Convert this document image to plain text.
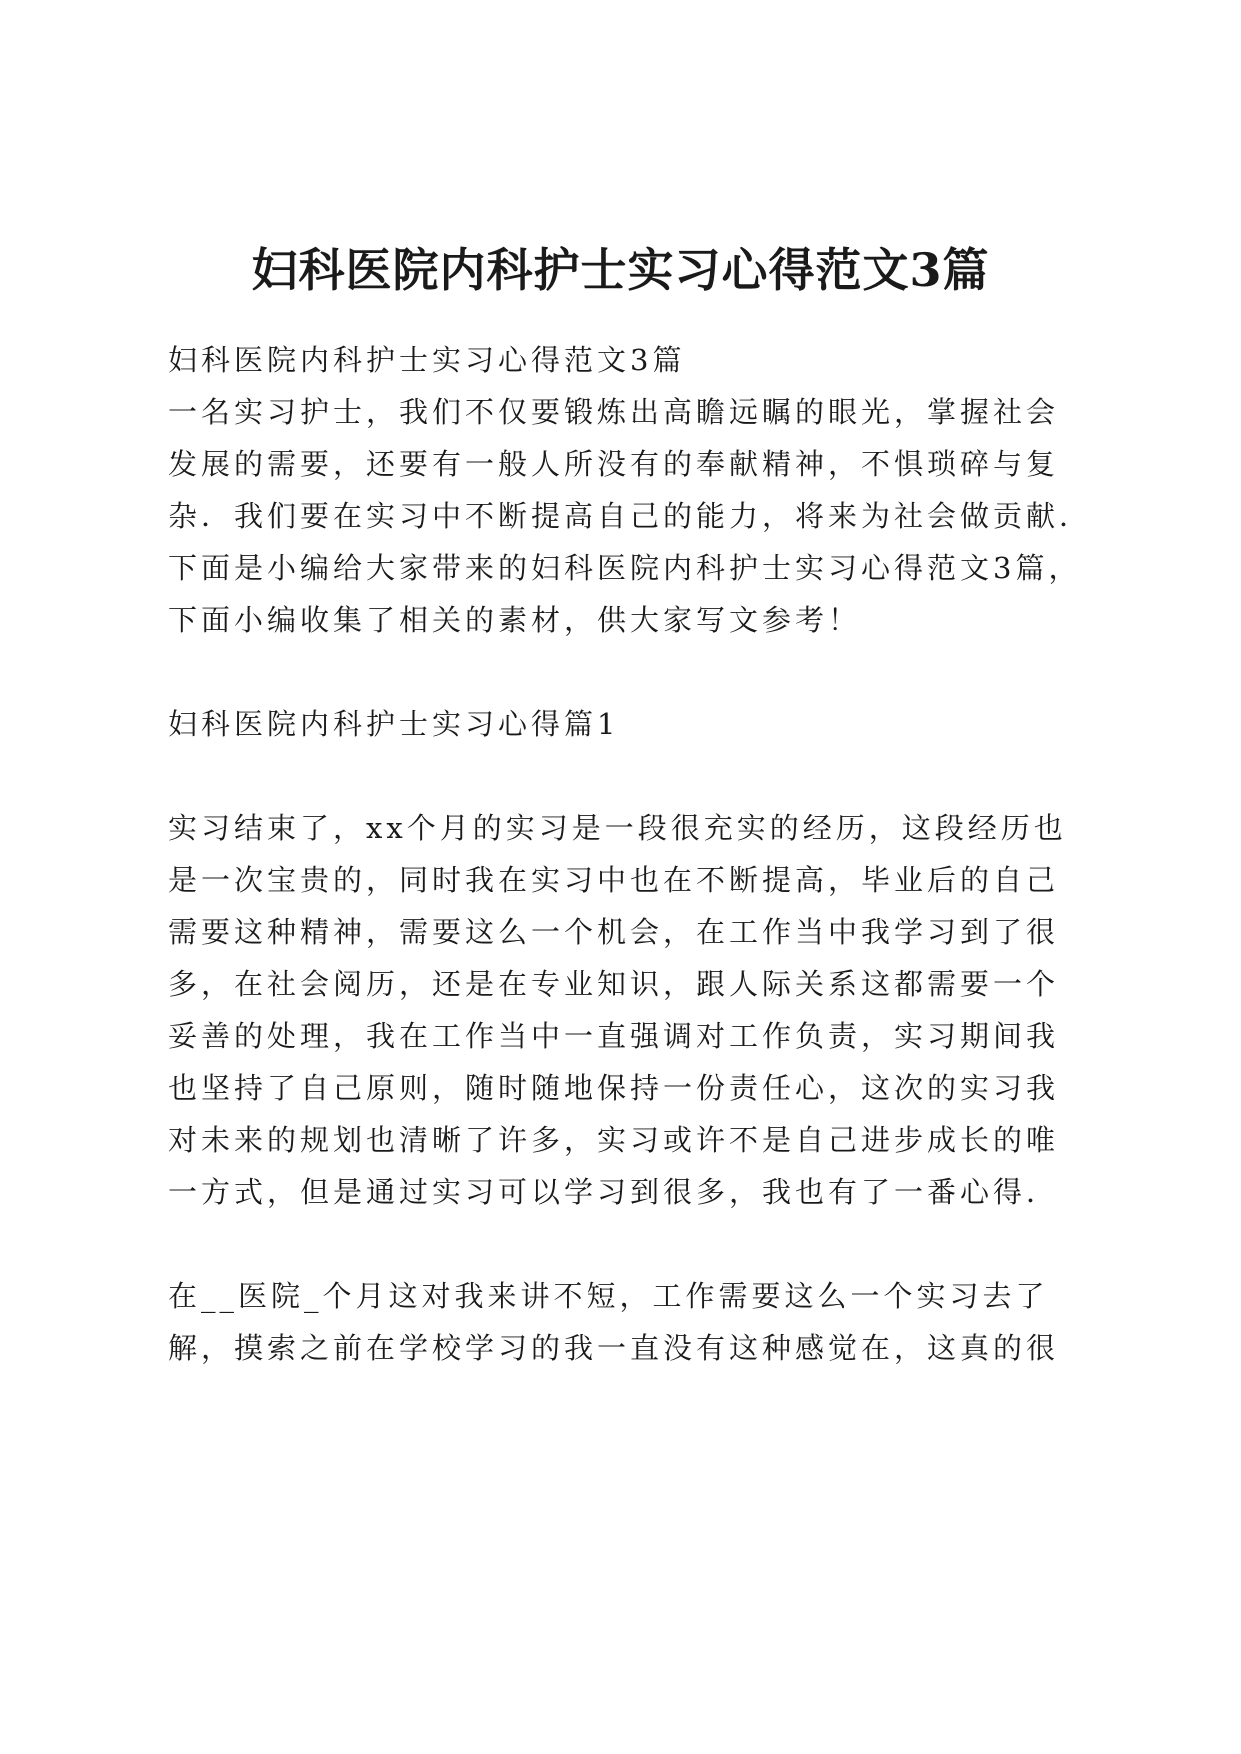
妇科医院内科护士实习心得范文3篇
妇科医院内科护士实习心得范文3篇
一名实习护士，我们不仅要锻炼出高瞻远瞩的眼光，掌握社会
发展的需要，还要有一般人所没有的奉献精神，不惧琐碎与复
杂．我们要在实习中不断提高自己的能力，将来为社会做贡献．
下面是小编给大家带来的妇科医院内科护士实习心得范文3篇，
下面小编收集了相关的素材，供大家写文参考！
妇科医院内科护士实习心得篇1
实习结束了，xx个月的实习是一段很充实的经历，这段经历也
是一次宝贵的，同时我在实习中也在不断提高，毕业后的自己
需要这种精神，需要这么一个机会，在工作当中我学习到了很
多，在社会阅历，还是在专业知识，跟人际关系这都需要一个
妥善的处理，我在工作当中一直强调对工作负责，实习期间我
也坚持了自己原则，随时随地保持一份责任心，这次的实习我
对未来的规划也清晰了许多，实习或许不是自己进步成长的唯
一方式，但是通过实习可以学习到很多，我也有了一番心得．
在__医院_个月这对我来讲不短，工作需要这么一个实习去了
解，摸索之前在学校学习的我一直没有这种感觉在，这真的很
